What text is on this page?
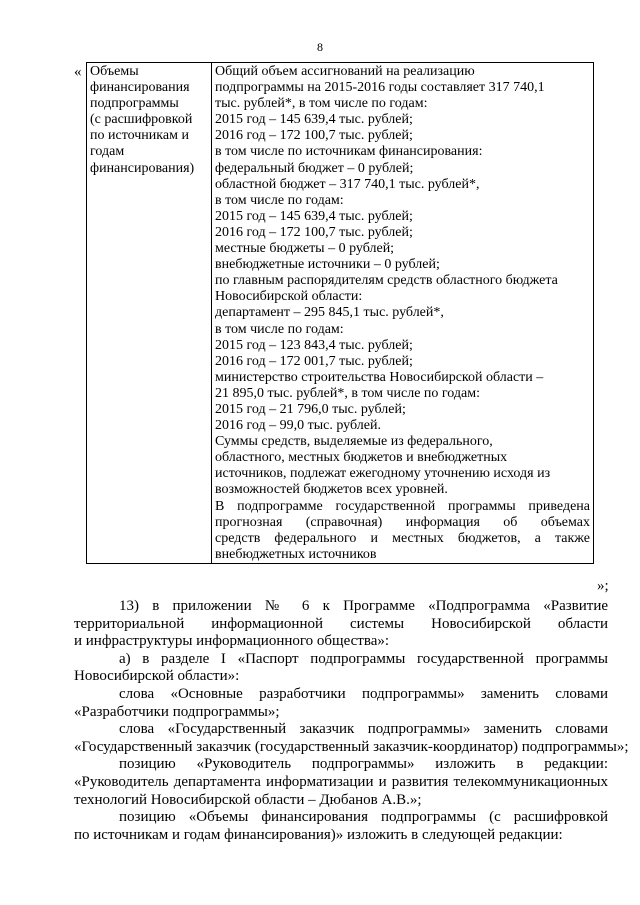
8
« Объемы
финансирования
подпрограммы
(с расшифровкой
по источникам и
годам
финансирования)

Общий объем ассигнований на реализацию
подпрограммы на 2015-2016 годы составляет 317 740,1
тыс. рублей*, в том числе по годам:
2015 год – 145 639,4 тыс. рублей;
2016 год – 172 100,7 тыс. рублей;
в том числе по источникам финансирования:
федеральный бюджет – 0 рублей;
областной бюджет – 317 740,1 тыс. рублей*,
в том числе по годам:
2015 год – 145 639,4 тыс. рублей;
2016 год – 172 100,7 тыс. рублей;
местные бюджеты – 0 рублей;
внебюджетные источники – 0 рублей;
по главным распорядителям средств областного бюджета
Новосибирской области:
департамент – 295 845,1 тыс. рублей*,
в том числе по годам:
2015 год – 123 843,4 тыс. рублей;
2016 год – 172 001,7 тыс. рублей;
министерство строительства Новосибирской области –
21 895,0 тыс. рублей*, в том числе по годам:
2015 год – 21 796,0 тыс. рублей;
2016 год – 99,0 тыс. рублей.
Суммы средств, выделяемые из федерального,
областного, местных бюджетов и внебюджетных
источников, подлежат ежегодному уточнению исходя из
возможностей бюджетов всех уровней.
В подпрограмме государственной программы приведена
прогнозная (справочная) информация об объемах
средств федерального и местных бюджетов, а также
внебюджетных источников
»;

13) в приложении № 6 к Программе «Подпрограмма «Развитие

территориальной информационной системы Новосибирской области

и инфраструктуры информационного общества»:

а) в разделе I «Паспорт подпрограммы государственной программы

Новосибирской области»:

слова «Основные разработчики подпрограммы» заменить словами

«Разработчики подпрограммы»;

слова «Государственный заказчик подпрограммы» заменить словами

«Государственный заказчик (государственный заказчик-координатор) подпрограммы»;

позицию «Руководитель подпрограммы» изложить в редакции:

«Руководитель департамента информатизации и развития телекоммуникационных

технологий Новосибирской области – Дюбанов А.В.»;

позицию «Объемы финансирования подпрограммы (с расшифровкой

по источникам и годам финансирования)» изложить в следующей редакции:
